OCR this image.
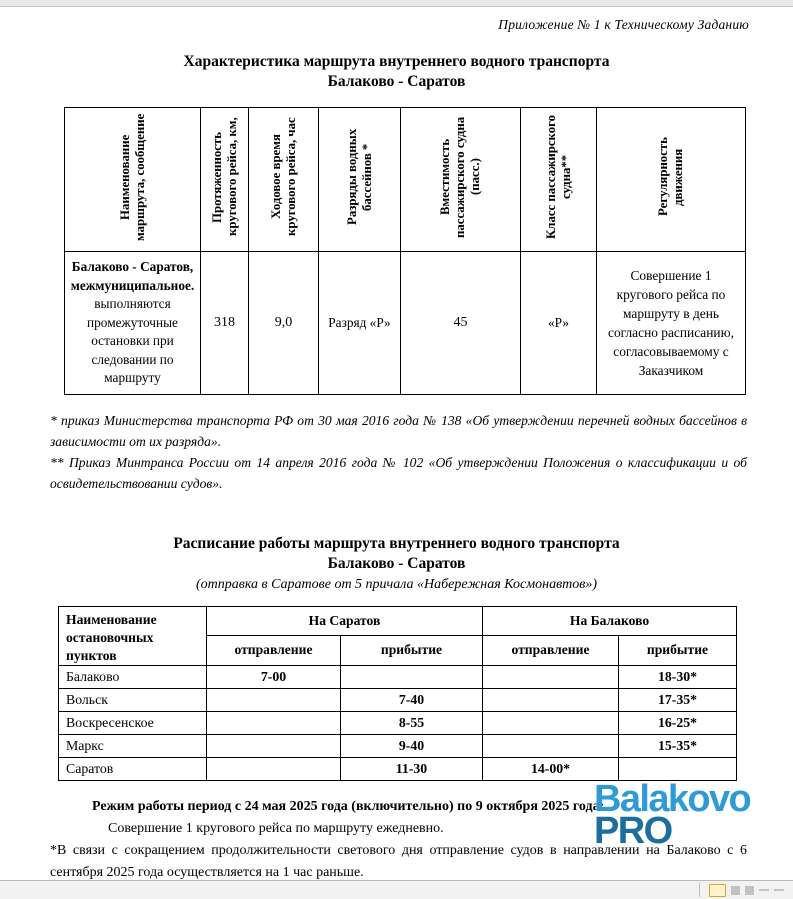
Приложение № 1 к Техническому Заданию
Характеристика маршрута внутреннего водного транспорта
Балаково - Саратов
Наименование маршрута, сообщение	Протяженность кругового рейса, км,	Ходовое время кругового рейса, час	Разряды водных бассейнов *	Вместимость пассажирского судна (пасс.)	Класс пассажирского судна**	Регулярность движения
Балаково - Саратов, межмуниципальное. выполняются промежуточные остановки при следовании по маршруту	318	9,0	Разряд «Р»	45	«Р»	Совершение 1 кругового рейса по маршруту в день согласно расписанию, согласовываемому с Заказчиком

* приказ Министерства транспорта РФ от 30 мая 2016 года № 138 «Об утверждении перечней водных бассейнов в зависимости от их разряда».

** Приказ Минтранса России от 14 апреля 2016 года № 102 «Об утверждении Положения о классификации и об освидетельствовании судов».

Расписание работы маршрута внутреннего водного транспорта
Балаково - Саратов
(отправка в Саратове от 5 причала «Набережная Космонавтов»)
Наименование остановочных пунктов	На Саратов		На Балаково	
	отправление	прибытие	отправление	прибытие
Балаково	7-00			18-30*
Вольск		7-40		17-35*
Воскресенское		8-55		16-25*
Маркс		9-40		15-35*
Саратов		11-30	14-00*	

Режим работы период с 24 мая 2025 года (включительно) по 9 октября 2025 года:

Совершение 1 кругового рейса по маршруту ежедневно.

*В связи с сокращением продолжительности светового дня отправление судов в направлении на Балаково с 6 сентября 2025 года осуществляется на 1 час раньше.

Balakovo
PRO
